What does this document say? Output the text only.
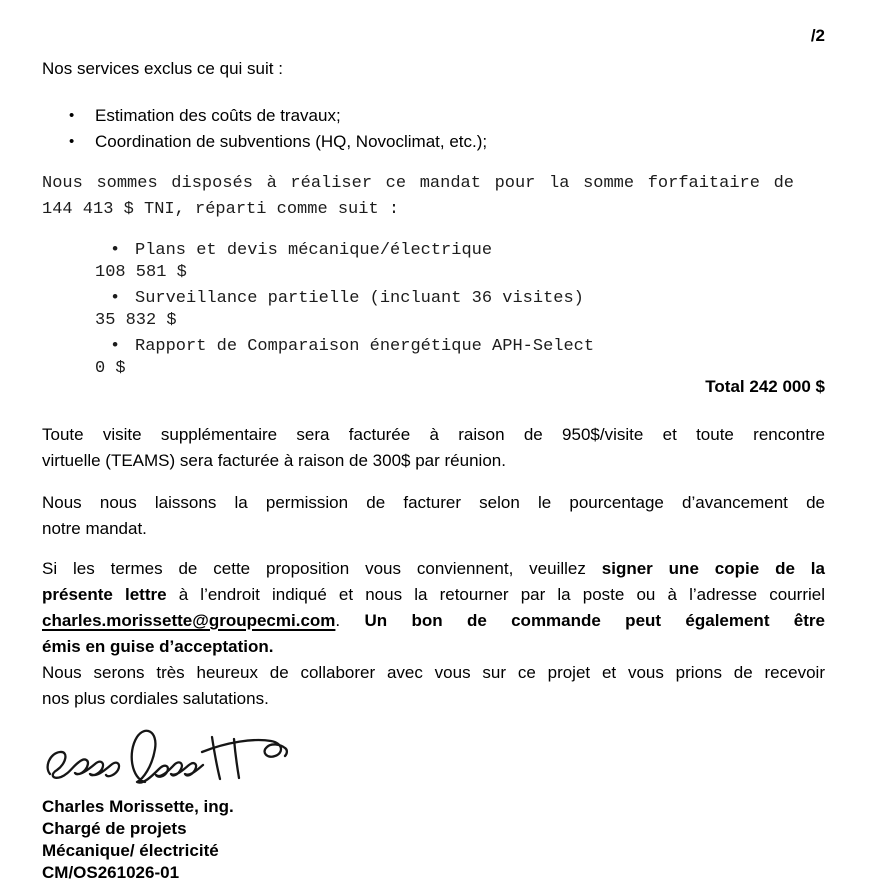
/2
Nos services exclus ce qui suit :
•	Estimation des coûts de travaux;
•	Coordination de subventions (HQ, Novoclimat, etc.);
Nous sommes disposés à réaliser ce mandat pour la somme forfaitaire de
144 413 $ TNI, réparti comme suit :
• Plans et devis mécanique/électrique
108 581 $
• Surveillance partielle (incluant 36 visites)
35 832 $
• Rapport de Comparaison énergétique APH-Select
0 $
Total 242 000 $
Toute visite supplémentaire sera facturée à raison de 950$/visite et toute rencontre
virtuelle (TEAMS) sera facturée à raison de 300$ par réunion.
Nous nous laissons la permission de facturer selon le pourcentage d’avancement de
notre mandat.
Si les termes de cette proposition vous conviennent, veuillez signer une copie de la
présente lettre à l’endroit indiqué et nous la retourner par la poste ou à l’adresse courriel
charles.morissette@groupecmi.com. Un bon de commande peut également être
émis en guise d’acceptation.
Nous serons très heureux de collaborer avec vous sur ce projet et vous prions de recevoir
nos plus cordiales salutations.
Charles Morissette, ing.
Chargé de projets
Mécanique/ électricité
CM/OS261026-01
